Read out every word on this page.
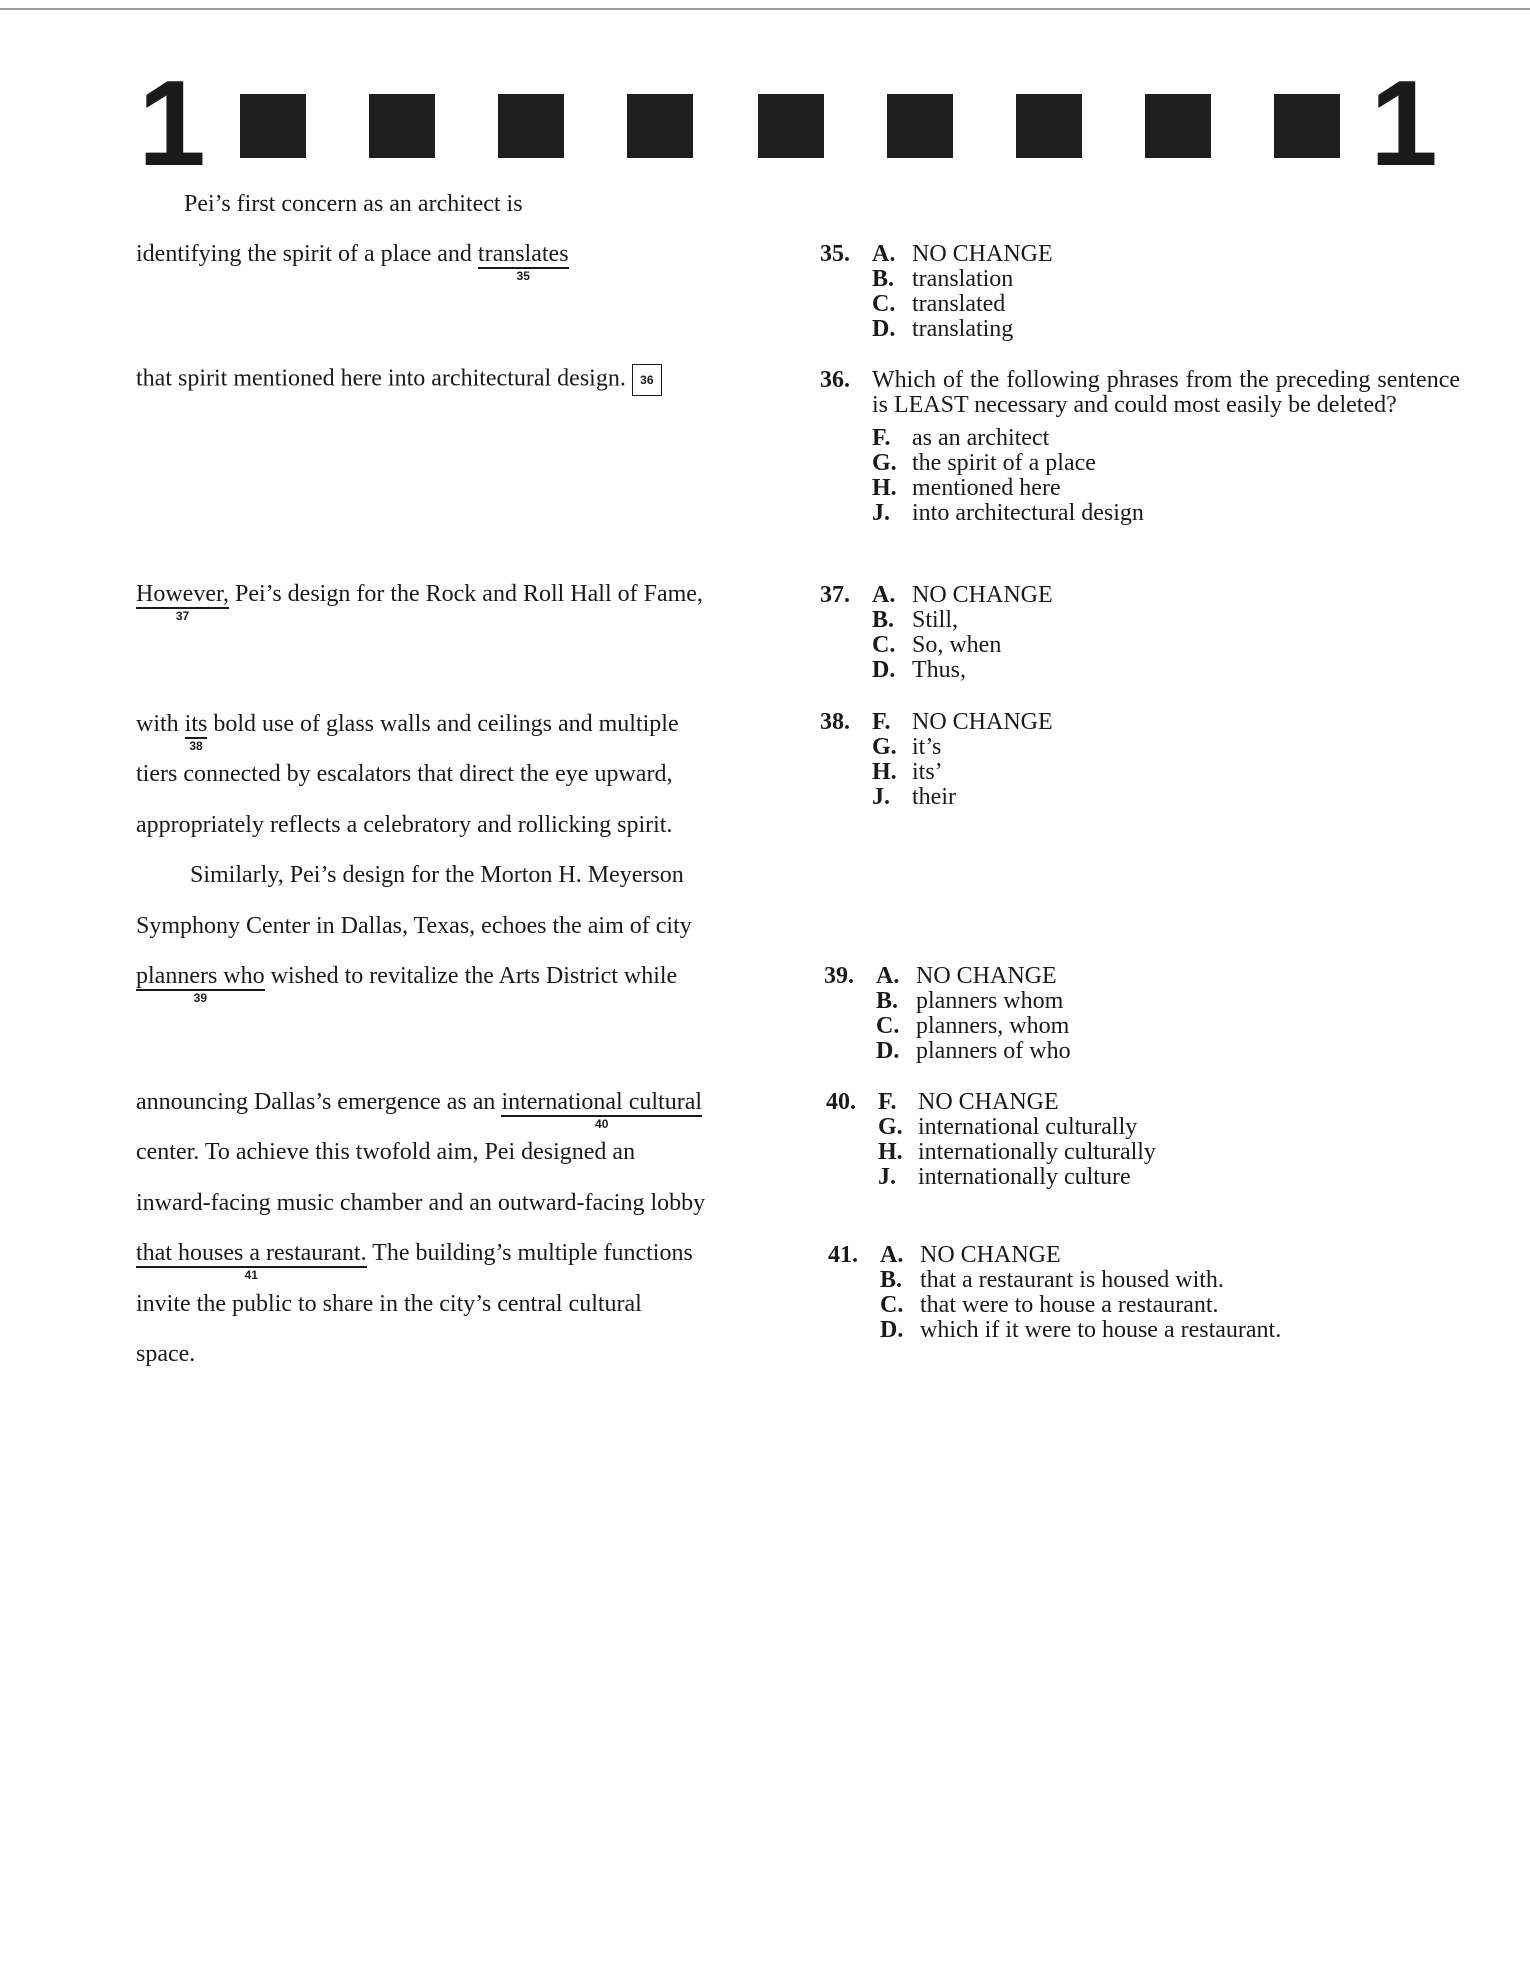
1	1
Pei’s first concern as an architect is
identifying the spirit of a place and translates
35
that spirit mentioned here into architectural design. 36
However,
37
Pei’s design for the Rock and Roll Hall of Fame,
with its
38
bold use of glass walls and ceilings and multiple
tiers connected by escalators that direct the eye upward,
appropriately reflects a celebratory and rollicking spirit.
Similarly, Pei’s design for the Morton H. Meyerson
Symphony Center in Dallas, Texas, echoes the aim of city
planners who
39
wished to revitalize the Arts District while
announcing Dallas’s emergence as an international cultural
40
center. To achieve this twofold aim, Pei designed an
inward-facing music chamber and an outward-facing lobby
that houses a restaurant.
41
The building’s multiple functions
invite the public to share in the city’s central cultural
space.
35. A. NO CHANGE
B. translation
C. translated
D. translating
36. Which of the following phrases from the preceding sentence is LEAST necessary and could most easily be deleted?
F. as an architect
G. the spirit of a place
H. mentioned here
J. into architectural design
37. A. NO CHANGE
B. Still,
C. So, when
D. Thus,
38. F. NO CHANGE
G. it’s
H. its’
J. their
39. A. NO CHANGE
B. planners whom
C. planners, whom
D. planners of who
40. F. NO CHANGE
G. international culturally
H. internationally culturally
J. internationally culture
41. A. NO CHANGE
B. that a restaurant is housed with.
C. that were to house a restaurant.
D. which if it were to house a restaurant.
